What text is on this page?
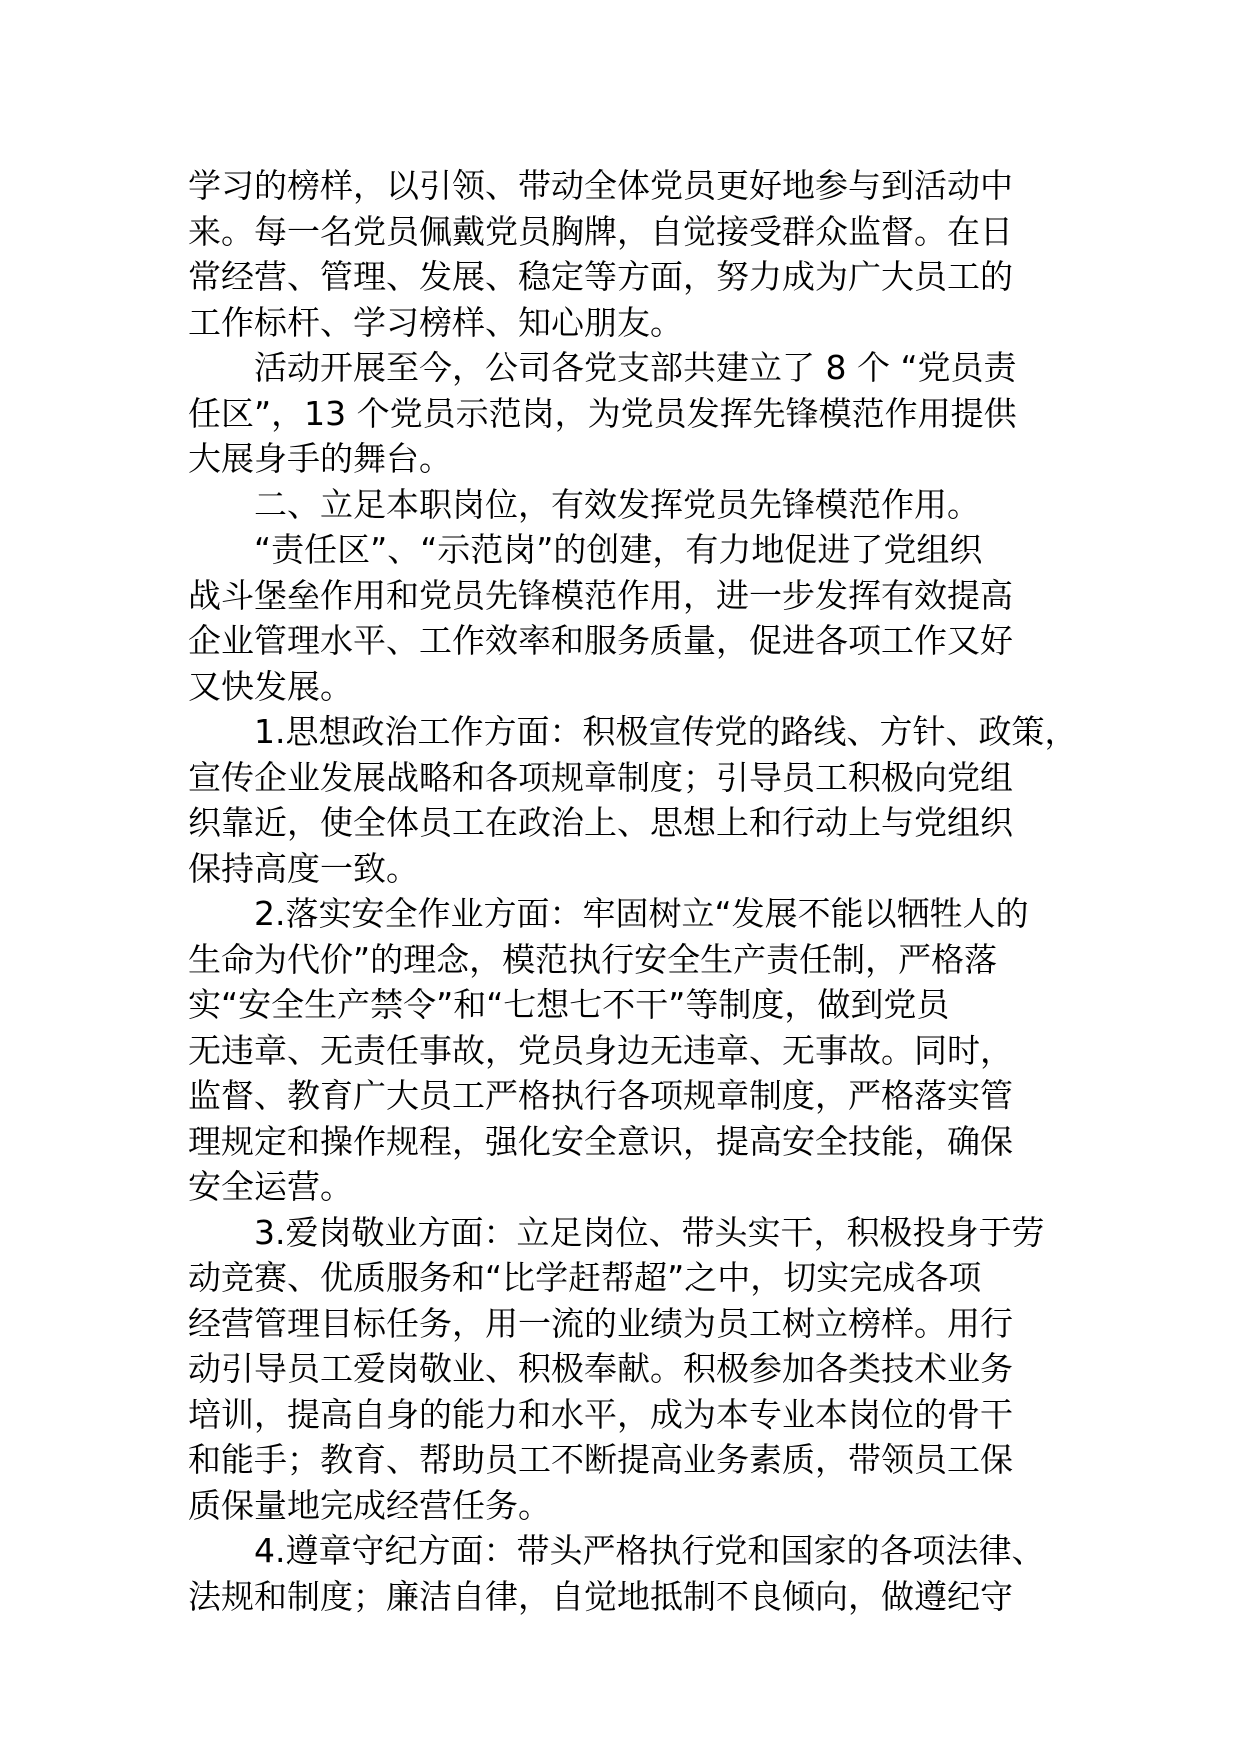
学习的榜样，以引领、带动全体党员更好地参与到活动中
来。每一名党员佩戴党员胸牌，自觉接受群众监督。在日
常经营、管理、发展、稳定等方面，努力成为广大员工的
工作标杆、学习榜样、知心朋友。
　　活动开展至今，公司各党支部共建立了 8 个 “党员责
任区”，13 个党员示范岗，为党员发挥先锋模范作用提供
大展身手的舞台。
　　二、立足本职岗位，有效发挥党员先锋模范作用。
　　“责任区”、“示范岗”的创建，有力地促进了党组织
战斗堡垒作用和党员先锋模范作用，进一步发挥有效提高
企业管理水平、工作效率和服务质量，促进各项工作又好
又快发展。
　　1.思想政治工作方面：积极宣传党的路线、方针、政策，
宣传企业发展战略和各项规章制度；引导员工积极向党组
织靠近，使全体员工在政治上、思想上和行动上与党组织
保持高度一致。
　　2.落实安全作业方面：牢固树立“发展不能以牺牲人的
生命为代价”的理念，模范执行安全生产责任制，严格落
实“安全生产禁令”和“七想七不干”等制度，做到党员
无违章、无责任事故，党员身边无违章、无事故。同时，
监督、教育广大员工严格执行各项规章制度，严格落实管
理规定和操作规程，强化安全意识，提高安全技能，确保
安全运营。
　　3.爱岗敬业方面：立足岗位、带头实干，积极投身于劳
动竞赛、优质服务和“比学赶帮超”之中，切实完成各项
经营管理目标任务，用一流的业绩为员工树立榜样。用行
动引导员工爱岗敬业、积极奉献。积极参加各类技术业务
培训，提高自身的能力和水平，成为本专业本岗位的骨干
和能手；教育、帮助员工不断提高业务素质，带领员工保
质保量地完成经营任务。
　　4.遵章守纪方面：带头严格执行党和国家的各项法律、
法规和制度；廉洁自律，自觉地抵制不良倾向，做遵纪守
